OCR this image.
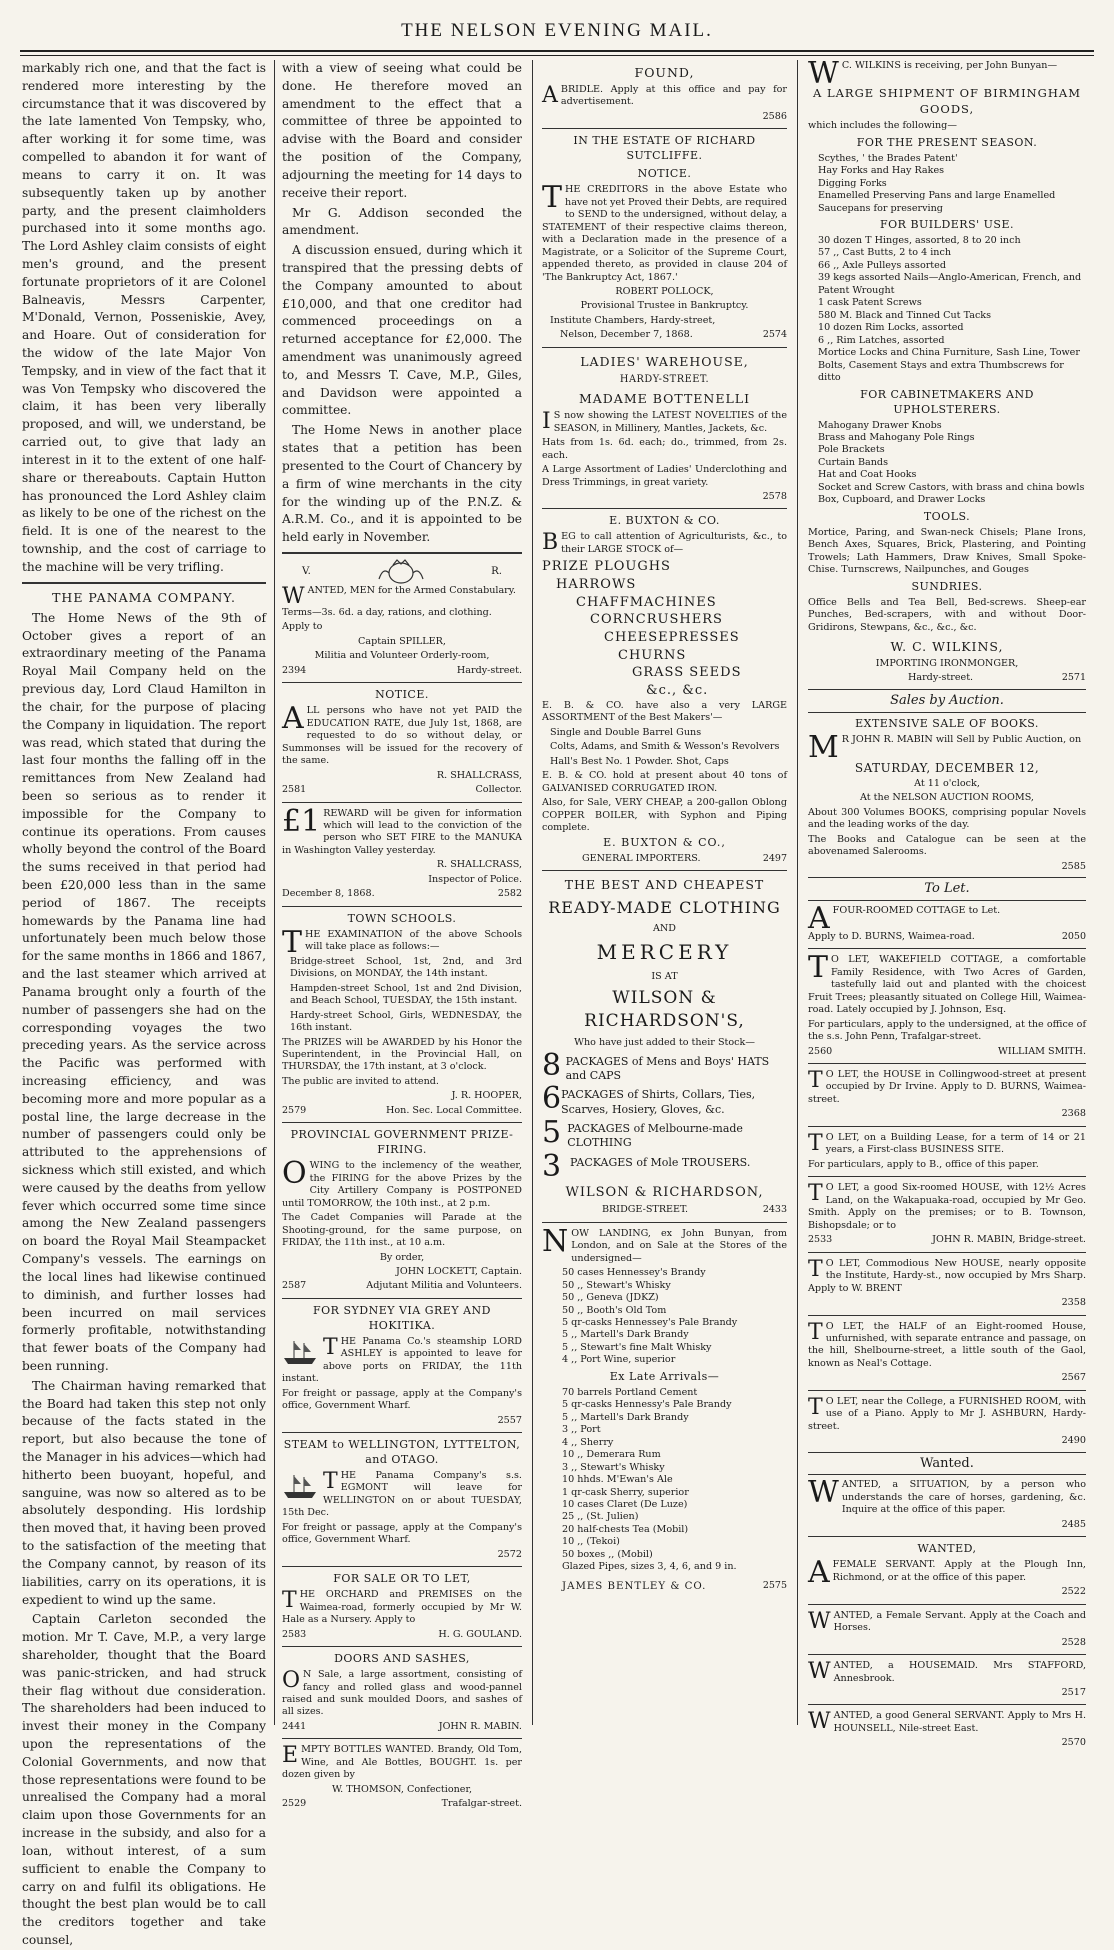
THE NELSON EVENING MAIL.

markably rich one, and that the fact is rendered more interesting by the circumstance that it was discovered by the late lamented Von Tempsky, who, after working it for some time, was compelled to abandon it for want of means to carry it on. It was subsequently taken up by another party, and the present claimholders purchased into it some months ago. The Lord Ashley claim consists of eight men's ground, and the present fortunate proprietors of it are Colonel Balneavis, Messrs Carpenter, M'Donald, Vernon, Posseniskie, Avey, and Hoare. Out of consideration for the widow of the late Major Von Tempsky, and in view of the fact that it was Von Tempsky who discovered the claim, it has been very liberally proposed, and will, we understand, be carried out, to give that lady an interest in it to the extent of one half-share or thereabouts. Captain Hutton has pronounced the Lord Ashley claim as likely to be one of the richest on the field. It is one of the nearest to the township, and the cost of carriage to the machine will be very trifling.

THE PANAMA COMPANY.

The Home News of the 9th of October gives a report of an extraordinary meeting of the Panama Royal Mail Company held on the previous day, Lord Claud Hamilton in the chair, for the purpose of placing the Company in liquidation. The report was read, which stated that during the last four months the falling off in the remittances from New Zealand had been so serious as to render it impossible for the Company to continue its operations. From causes wholly beyond the control of the Board the sums received in that period had been £20,000 less than in the same period of 1867. The receipts homewards by the Panama line had unfortunately been much below those for the same months in 1866 and 1867, and the last steamer which arrived at Panama brought only a fourth of the number of passengers she had on the corresponding voyages the two preceding years. As the service across the Pacific was performed with increasing efficiency, and was becoming more and more popular as a postal line, the large decrease in the number of passengers could only be attributed to the apprehensions of sickness which still existed, and which were caused by the deaths from yellow fever which occurred some time since among the New Zealand passengers on board the Royal Mail Steampacket Company's vessels. The earnings on the local lines had likewise continued to diminish, and further losses had been incurred on mail services formerly profitable, notwithstanding that fewer boats of the Company had been running.

The Chairman having remarked that the Board had taken this step not only because of the facts stated in the report, but also because the tone of the Manager in his advices—which had hitherto been buoyant, hopeful, and sanguine, was now so altered as to be absolutely desponding. His lordship then moved that, it having been proved to the satisfaction of the meeting that the Company cannot, by reason of its liabilities, carry on its operations, it is expedient to wind up the same.

Captain Carleton seconded the motion. Mr T. Cave, M.P., a very large shareholder, thought that the Board was panic-stricken, and had struck their flag without due consideration. The shareholders had been induced to invest their money in the Company upon the representations of the Colonial Governments, and now that those representations were found to be unrealised the Company had a moral claim upon those Governments for an increase in the subsidy, and also for a loan, without interest, of a sum sufficient to enable the Company to carry on and fulfil its obligations. He thought the best plan would be to call the creditors together and take counsel,

with a view of seeing what could be done. He therefore moved an amendment to the effect that a committee of three be appointed to advise with the Board and consider the position of the Company, adjourning the meeting for 14 days to receive their report.

Mr G. Addison seconded the amendment.

A discussion ensued, during which it transpired that the pressing debts of the Company amounted to about £10,000, and that one creditor had commenced proceedings on a returned acceptance for £2,000. The amendment was unanimously agreed to, and Messrs T. Cave, M.P., Giles, and Davidson were appointed a committee.

The Home News in another place states that a petition has been presented to the Court of Chancery by a firm of wine merchants in the city for the winding up of the P.N.Z. & A.R.M. Co., and it is appointed to be held early in November.

V.	R.

WANTED, MEN for the Armed Constabulary.

Terms—3s. 6d. a day, rations, and clothing.

Apply to

Captain SPILLER,

Militia and Volunteer Orderly-room,

2394	Hardy-street.
NOTICE.

ALL persons who have not yet PAID the EDUCATION RATE, due July 1st, 1868, are requested to do so without delay, or Summonses will be issued for the recovery of the same.

R. SHALLCRASS,

2581	Collector.

£1 REWARD will be given for information which will lead to the conviction of the person who SET FIRE to the MANUKA in Washington Valley yesterday.

R. SHALLCRASS,

Inspector of Police.

December 8, 1868.	2582
TOWN SCHOOLS.

THE EXAMINATION of the above Schools will take place as follows:—

Bridge-street School, 1st, 2nd, and 3rd Divisions, on MONDAY, the 14th instant.

Hampden-street School, 1st and 2nd Division, and Beach School, TUESDAY, the 15th instant.

Hardy-street School, Girls, WEDNESDAY, the 16th instant.

The PRIZES will be AWARDED by his Honor the Superintendent, in the Provincial Hall, on THURSDAY, the 17th instant, at 3 o'clock.

The public are invited to attend.

J. R. HOOPER,

2579	Hon. Sec. Local Committee.
PROVINCIAL GOVERNMENT PRIZE-FIRING.

OWING to the inclemency of the weather, the FIRING for the above Prizes by the City Artillery Company is POSTPONED until TOMORROW, the 10th inst., at 2 p.m.

The Cadet Companies will Parade at the Shooting-ground, for the same purpose, on FRIDAY, the 11th inst., at 10 a.m.

By order,

JOHN LOCKETT, Captain.

2587	Adjutant Militia and Volunteers.
FOR SYDNEY VIA GREY AND HOKITIKA.

THE Panama Co.'s steamship LORD ASHLEY is appointed to leave for above ports on FRIDAY, the 11th instant.

For freight or passage, apply at the Company's office, Government Wharf.

2557

STEAM to WELLINGTON, LYTTELTON, and OTAGO.

THE Panama Company's s.s. EGMONT will leave for WELLINGTON on or about TUESDAY, 15th Dec.

For freight or passage, apply at the Company's office, Government Wharf.

2572

FOR SALE OR TO LET,

THE ORCHARD and PREMISES on the Waimea-road, formerly occupied by Mr W. Hale as a Nursery. Apply to

2583	H. G. GOULAND.
DOORS AND SASHES,

O N Sale, a large assortment, consisting of fancy and rolled glass and wood-pannel raised and sunk moulded Doors, and sashes of all sizes.

2441	JOHN R. MABIN.

EMPTY BOTTLES WANTED. Brandy, Old Tom, Wine, and Ale Bottles, BOUGHT. 1s. per dozen given by

W. THOMSON, Confectioner,

2529	Trafalgar-street.
FOUND,

ABRIDLE. Apply at this office and pay for advertisement.

2586

IN THE ESTATE OF RICHARD SUTCLIFFE.
NOTICE.

THE CREDITORS in the above Estate who have not yet Proved their Debts, are required to SEND to the undersigned, without delay, a STATEMENT of their respective claims thereon, with a Declaration made in the presence of a Magistrate, or a Solicitor of the Supreme Court, appended thereto, as provided in clause 204 of 'The Bankruptcy Act, 1867.'

ROBERT POLLOCK,

Provisional Trustee in Bankruptcy.

Institute Chambers, Hardy-street,

Nelson, December 7, 1868.	2574
LADIES' WAREHOUSE,
HARDY-STREET.
MADAME BOTTENELLI

I S now showing the LATEST NOVELTIES of the SEASON, in Millinery, Mantles, Jackets, &c.

Hats from 1s. 6d. each; do., trimmed, from 2s. each.

A Large Assortment of Ladies' Underclothing and Dress Trimmings, in great variety.

2578

E. BUXTON & CO.

BEG to call attention of Agriculturists, &c., to their LARGE STOCK of—

PRIZE PLOUGHS
HARROWS
CHAFFMACHINES
CORNCRUSHERS
CHEESEPRESSES
CHURNS
GRASS SEEDS
&c., &c.

E. B. & CO. have also a very LARGE ASSORTMENT of the Best Makers'—

Single and Double Barrel Guns

Colts, Adams, and Smith & Wesson's Revolvers

Hall's Best No. 1 Powder. Shot, Caps

E. B. & CO. hold at present about 40 tons of GALVANISED CORRUGATED IRON.

Also, for Sale, VERY CHEAP, a 200-gallon Oblong COPPER BOILER, with Syphon and Piping complete.

E. BUXTON & CO.,

GENERAL IMPORTERS.	2497
THE BEST AND CHEAPEST
READY-MADE CLOTHING
AND
MERCERY
IS AT
WILSON & RICHARDSON'S,

Who have just added to their Stock—

8 PACKAGES of Mens and Boys' HATS and CAPS
6 PACKAGES of Shirts, Collars, Ties, Scarves, Hosiery, Gloves, &c.
5 PACKAGES of Melbourne-made CLOTHING
3 PACKAGES of Mole TROUSERS.
WILSON & RICHARDSON,
BRIDGE-STREET.	2433

NOW LANDING, ex John Bunyan, from London, and on Sale at the Stores of the undersigned—

50 cases Hennessey's Brandy
50 ,, Stewart's Whisky
50 ,, Geneva (JDKZ)
50 ,, Booth's Old Tom
5 qr-casks Hennessey's Pale Brandy
5 ,, Martell's Dark Brandy
5 ,, Stewart's fine Malt Whisky
4 ,, Port Wine, superior
Ex Late Arrivals—
70 barrels Portland Cement
5 qr-casks Hennessy's Pale Brandy
5 ,, Martell's Dark Brandy
3 ,, Port
4 ,, Sherry
10 ,, Demerara Rum
3 ,, Stewart's Whisky
10 hhds. M'Ewan's Ale
1 qr-cask Sherry, superior
10 cases Claret (De Luze)
25 ,, (St. Julien)
20 half-chests Tea (Mobil)
10 ,, (Tekoi)
50 boxes ,, (Mobil)
Glazed Pipes, sizes 3, 4, 6, and 9 in.
JAMES BENTLEY & CO.	2575

W C. WILKINS is receiving, per John Bunyan—

A LARGE SHIPMENT OF BIRMINGHAM GOODS,

which includes the following—

FOR THE PRESENT SEASON.
Scythes, ' the Brades Patent'
Hay Forks and Hay Rakes
Digging Forks
Enamelled Preserving Pans and large Enamelled Saucepans for preserving
FOR BUILDERS' USE.
30 dozen T Hinges, assorted, 8 to 20 inch
57 ,, Cast Butts, 2 to 4 inch
66 ,, Axle Pulleys assorted
39 kegs assorted Nails—Anglo-American, French, and Patent Wrought
1 cask Patent Screws
580 M. Black and Tinned Cut Tacks
10 dozen Rim Locks, assorted
6 ,, Rim Latches, assorted
Mortice Locks and China Furniture, Sash Line, Tower Bolts, Casement Stays and extra Thumbscrews for ditto
FOR CABINETMAKERS AND UPHOLSTERERS.
Mahogany Drawer Knobs
Brass and Mahogany Pole Rings
Pole Brackets
Curtain Bands
Hat and Coat Hooks
Socket and Screw Castors, with brass and china bowls
Box, Cupboard, and Drawer Locks
TOOLS.

Mortice, Paring, and Swan-neck Chisels; Plane Irons, Bench Axes, Squares, Brick, Plastering, and Pointing Trowels; Lath Hammers, Draw Knives, Small Spoke-Chise. Turnscrews, Nailpunches, and Gouges

SUNDRIES.

Office Bells and Tea Bell, Bed-screws. Sheep-ear Punches, Bed-scrapers, with and without Door-Gridirons, Stewpans, &c., &c., &c.

W. C. WILKINS,

IMPORTING IRONMONGER,

Hardy-street.	2571
Sales by Auction.
EXTENSIVE SALE OF BOOKS.

M R JOHN R. MABIN will Sell by Public Auction, on

SATURDAY, DECEMBER 12,

At 11 o'clock,

At the NELSON AUCTION ROOMS,

About 300 Volumes BOOKS, comprising popular Novels and the leading works of the day.

The Books and Catalogue can be seen at the abovenamed Salerooms.

2585

To Let.

AFOUR-ROOMED COTTAGE to Let.

Apply to D. BURNS, Waimea-road.	2050

T O LET, WAKEFIELD COTTAGE, a comfortable Family Residence, with Two Acres of Garden, tastefully laid out and planted with the choicest Fruit Trees; pleasantly situated on College Hill, Waimea-road. Lately occupied by J. Johnson, Esq.

For particulars, apply to the undersigned, at the office of the s.s. John Penn, Trafalgar-street.

2560	WILLIAM SMITH.

T O LET, the HOUSE in Collingwood-street at present occupied by Dr Irvine. Apply to D. BURNS, Waimea-street.

2368

T O LET, on a Building Lease, for a term of 14 or 21 years, a First-class BUSINESS SITE.

For particulars, apply to B., office of this paper.

T O LET, a good Six-roomed HOUSE, with 12½ Acres Land, on the Wakapuaka-road, occupied by Mr Geo. Smith. Apply on the premises; or to B. Townson, Bishopsdale; or to

2533	JOHN R. MABIN, Bridge-street.

T O LET, Commodious New HOUSE, nearly opposite the Institute, Hardy-st., now occupied by Mrs Sharp. Apply to W. BRENT

2358

T O LET, the HALF of an Eight-roomed House, unfurnished, with separate entrance and passage, on the hill, Shelbourne-street, a little south of the Gaol, known as Neal's Cottage.

2567

T O LET, near the College, a FURNISHED ROOM, with use of a Piano. Apply to Mr J. ASHBURN, Hardy-street.

2490

Wanted.

WANTED, a SITUATION, by a person who understands the care of horses, gardening, &c. Inquire at the office of this paper.

2485

WANTED,

AFEMALE SERVANT. Apply at the Plough Inn, Richmond, or at the office of this paper.

2522

WANTED, a Female Servant. Apply at the Coach and Horses.

2528

WANTED, a HOUSEMAID. Mrs STAFFORD, Annesbrook.

2517

WANTED, a good General SERVANT. Apply to Mrs H. HOUNSELL, Nile-street East.

2570
